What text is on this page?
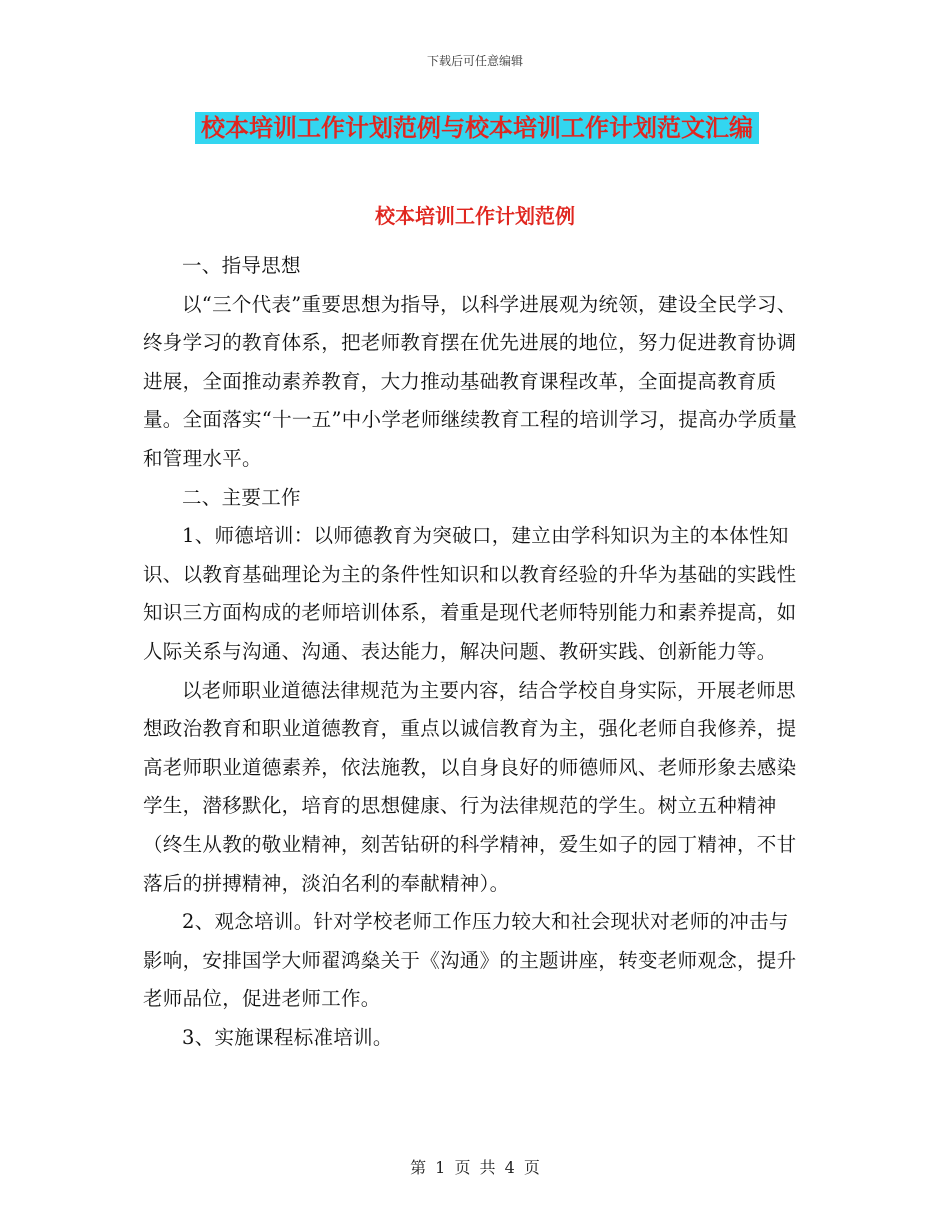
下载后可任意编辑
校本培训工作计划范例与校本培训工作计划范文汇编
校本培训工作计划范例

一、指导思想

以“三个代表”重要思想为指导，以科学进展观为统领，建设全民学习、终身学习的教育体系，把老师教育摆在优先进展的地位，努力促进教育协调进展，全面推动素养教育，大力推动基础教育课程改革，全面提高教育质量。全面落实“十一五”中小学老师继续教育工程的培训学习，提高办学质量和管理水平。

二、主要工作

1、师德培训：以师德教育为突破口，建立由学科知识为主的本体性知识、以教育基础理论为主的条件性知识和以教育经验的升华为基础的实践性知识三方面构成的老师培训体系，着重是现代老师特别能力和素养提高，如人际关系与沟通、沟通、表达能力，解决问题、教研实践、创新能力等。

以老师职业道德法律规范为主要内容，结合学校自身实际，开展老师思想政治教育和职业道德教育，重点以诚信教育为主，强化老师自我修养，提高老师职业道德素养，依法施教，以自身良好的师德师风、老师形象去感染学生，潜移默化，培育的思想健康、行为法律规范的学生。树立五种精神（终生从教的敬业精神，刻苦钻研的科学精神，爱生如子的园丁精神，不甘落后的拼搏精神，淡泊名利的奉献精神）。

2、观念培训。针对学校老师工作压力较大和社会现状对老师的冲击与影响，安排国学大师翟鸿燊关于《沟通》的主题讲座，转变老师观念，提升老师品位，促进老师工作。

3、实施课程标准培训。

第 1 页 共 4 页
